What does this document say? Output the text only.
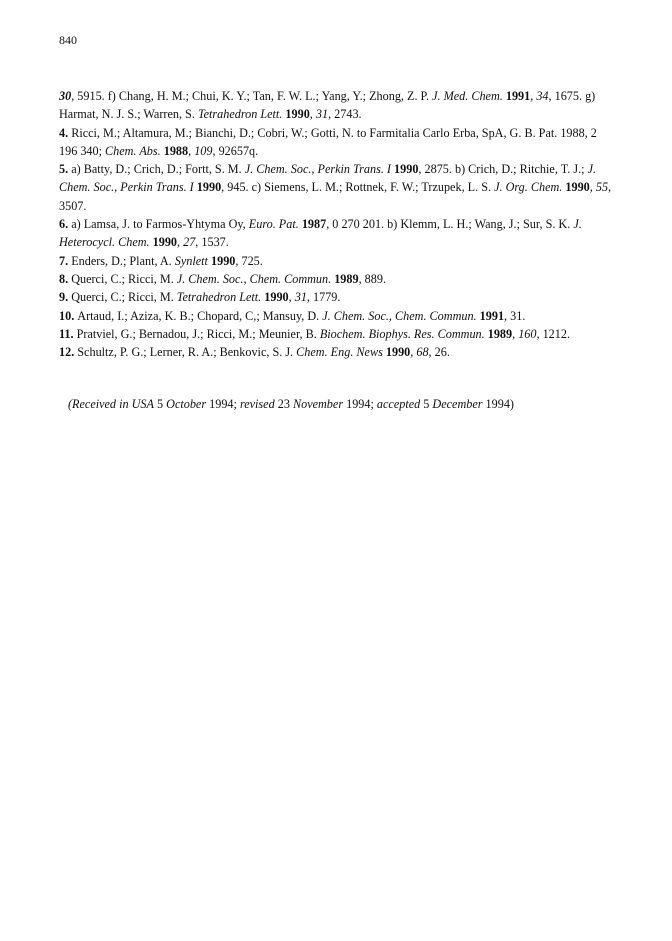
840

30, 5915. f) Chang, H. M.; Chui, K. Y.; Tan, F. W. L.; Yang, Y.; Zhong, Z. P. J. Med. Chem. 1991, 34, 1675. g) Harmat, N. J. S.; Warren, S. Tetrahedron Lett. 1990, 31, 2743.

4. Ricci, M.; Altamura, M.; Bianchi, D.; Cobri, W.; Gotti, N. to Farmitalia Carlo Erba, SpA, G. B. Pat. 1988, 2 196 340; Chem. Abs. 1988, 109, 92657q.

5. a) Batty, D.; Crich, D.; Fortt, S. M. J. Chem. Soc., Perkin Trans. I 1990, 2875. b) Crich, D.; Ritchie, T. J.; J. Chem. Soc., Perkin Trans. I 1990, 945. c) Siemens, L. M.; Rottnek, F. W.; Trzupek, L. S. J. Org. Chem. 1990, 55, 3507.

6. a) Lamsa, J. to Farmos-Yhtyma Oy, Euro. Pat. 1987, 0 270 201. b) Klemm, L. H.; Wang, J.; Sur, S. K. J. Heterocycl. Chem. 1990, 27, 1537.

7. Enders, D.; Plant, A. Synlett 1990, 725.

8. Querci, C.; Ricci, M. J. Chem. Soc., Chem. Commun. 1989, 889.

9. Querci, C.; Ricci, M. Tetrahedron Lett. 1990, 31, 1779.

10. Artaud, I.; Aziza, K. B.; Chopard, C,; Mansuy, D. J. Chem. Soc., Chem. Commun. 1991, 31.

11. Pratviel, G.; Bernadou, J.; Ricci, M.; Meunier, B. Biochem. Biophys. Res. Commun. 1989, 160, 1212.

12. Schultz, P. G.; Lerner, R. A.; Benkovic, S. J. Chem. Eng. News 1990, 68, 26.

(Received in USA 5 October 1994; revised 23 November 1994; accepted 5 December 1994)
